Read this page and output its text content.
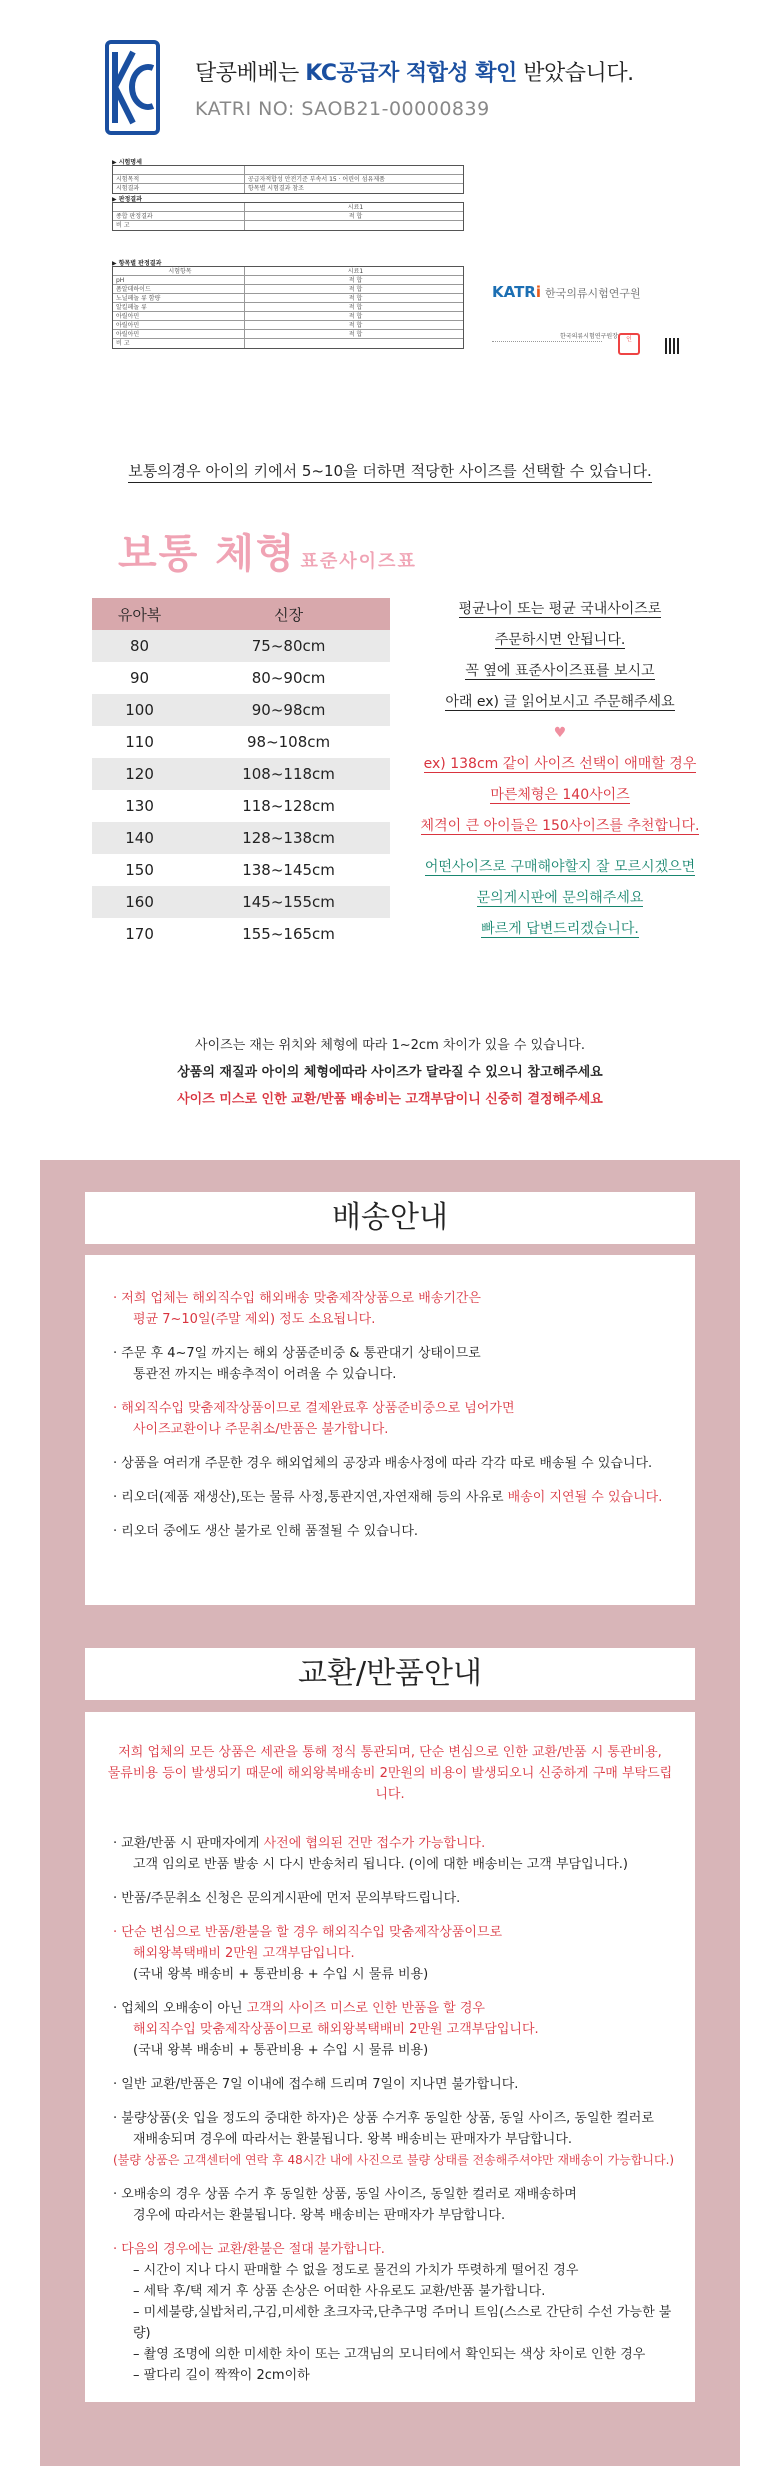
달콩베베는 KC공급자 적합성 확인 받았습니다.
KATRI NO: SAOB21-00000839
▶ 시험명세
시험목적	공급자적합성 안전기준 부속서 15 · 어린이 섬유제품
시험결과	항목별 시험결과 참조
▶ 판정결과
시료1
종합 판정결과	적 합
비 고
▶ 항목별 판정결과
시험항목	시료1
pH	적 합
폼알데하이드	적 합
노닐페놀 류 함량	적 합
알킬페놀 류	적 합
아릴아민	적 합
아릴아민	적 합
아릴아민	적 합
비 고
KATRi 한국의류시험연구원
한국의류시험연구원장	인
보통의경우 아이의 키에서 5~10을 더하면 적당한 사이즈를 선택할 수 있습니다.
보통 체형 표준사이즈표
유아복	신장
80	75~80cm
90	80~90cm
100	90~98cm
110	98~108cm
120	108~118cm
130	118~128cm
140	128~138cm
150	138~145cm
160	145~155cm
170	155~165cm

평균나이 또는 평균 국내사이즈로

주문하시면 안됩니다.

꼭 옆에 표준사이즈표를 보시고

아래 ex) 글 읽어보시고 주문해주세요

♥

ex) 138cm 같이 사이즈 선택이 애매할 경우

마른체형은 140사이즈

체격이 큰 아이들은 150사이즈를 추천합니다.

어떤사이즈로 구매해야할지 잘 모르시겠으면

문의게시판에 문의해주세요

빠르게 답변드리겠습니다.

사이즈는 재는 위치와 체형에 따라 1~2cm 차이가 있을 수 있습니다.

상품의 재질과 아이의 체형에따라 사이즈가 달라질 수 있으니 참고해주세요

사이즈 미스로 인한 교환/반품 배송비는 고객부담이니 신중히 결정해주세요

배송안내

· 저희 업체는 해외직수입 해외배송 맞춤제작상품으로 배송기간은

평균 7~10일(주말 제외) 정도 소요됩니다.

· 주문 후 4~7일 까지는 해외 상품준비중 & 통관대기 상태이므로

통관전 까지는 배송추적이 어려울 수 있습니다.

· 해외직수입 맞춤제작상품이므로 결제완료후 상품준비중으로 넘어가면

사이즈교환이나 주문취소/반품은 불가합니다.

· 상품을 여러개 주문한 경우 해외업체의 공장과 배송사정에 따라 각각 따로 배송될 수 있습니다.

· 리오더(제품 재생산),또는 물류 사정,통관지연,자연재해 등의 사유로 배송이 지연될 수 있습니다.

· 리오더 중에도 생산 불가로 인해 품절될 수 있습니다.

교환/반품안내

저희 업체의 모든 상품은 세관을 통해 정식 통관되며, 단순 변심으로 인한 교환/반품 시 통관비용,

물류비용 등이 발생되기 때문에 해외왕복배송비 2만원의 비용이 발생되오니 신중하게 구매 부탁드립니다.

· 교환/반품 시 판매자에게 사전에 협의된 건만 접수가 가능합니다.

고객 임의로 반품 발송 시 다시 반송처리 됩니다. (이에 대한 배송비는 고객 부담입니다.)

· 반품/주문취소 신청은 문의게시판에 먼저 문의부탁드립니다.

· 단순 변심으로 반품/환불을 할 경우 해외직수입 맞춤제작상품이므로

해외왕복택배비 2만원 고객부담입니다.

(국내 왕복 배송비 + 통관비용 + 수입 시 물류 비용)

· 업체의 오배송이 아닌 고객의 사이즈 미스로 인한 반품을 할 경우

해외직수입 맞춤제작상품이므로 해외왕복택배비 2만원 고객부담입니다.

(국내 왕복 배송비 + 통관비용 + 수입 시 물류 비용)

· 일반 교환/반품은 7일 이내에 접수해 드리며 7일이 지나면 불가합니다.

· 불량상품(옷 입을 정도의 중대한 하자)은 상품 수거후 동일한 상품, 동일 사이즈, 동일한 컬러로

재배송되며 경우에 따라서는 환불됩니다. 왕복 배송비는 판매자가 부담합니다.

(불량 상품은 고객센터에 연락 후 48시간 내에 사진으로 불량 상태를 전송해주셔야만 재배송이 가능합니다.)

· 오배송의 경우 상품 수거 후 동일한 상품, 동일 사이즈, 동일한 컬러로 재배송하며

경우에 따라서는 환불됩니다. 왕복 배송비는 판매자가 부담합니다.

· 다음의 경우에는 교환/환불은 절대 불가합니다.

– 시간이 지나 다시 판매할 수 없을 정도로 물건의 가치가 뚜렷하게 떨어진 경우

– 세탁 후/택 제거 후 상품 손상은 어떠한 사유로도 교환/반품 불가합니다.

– 미세불량,실밥처리,구김,미세한 초크자국,단추구멍 주머니 트임(스스로 간단히 수선 가능한 불량)

– 촬영 조명에 의한 미세한 차이 또는 고객님의 모니터에서 확인되는 색상 차이로 인한 경우

– 팔다리 길이 짝짝이 2cm이하
